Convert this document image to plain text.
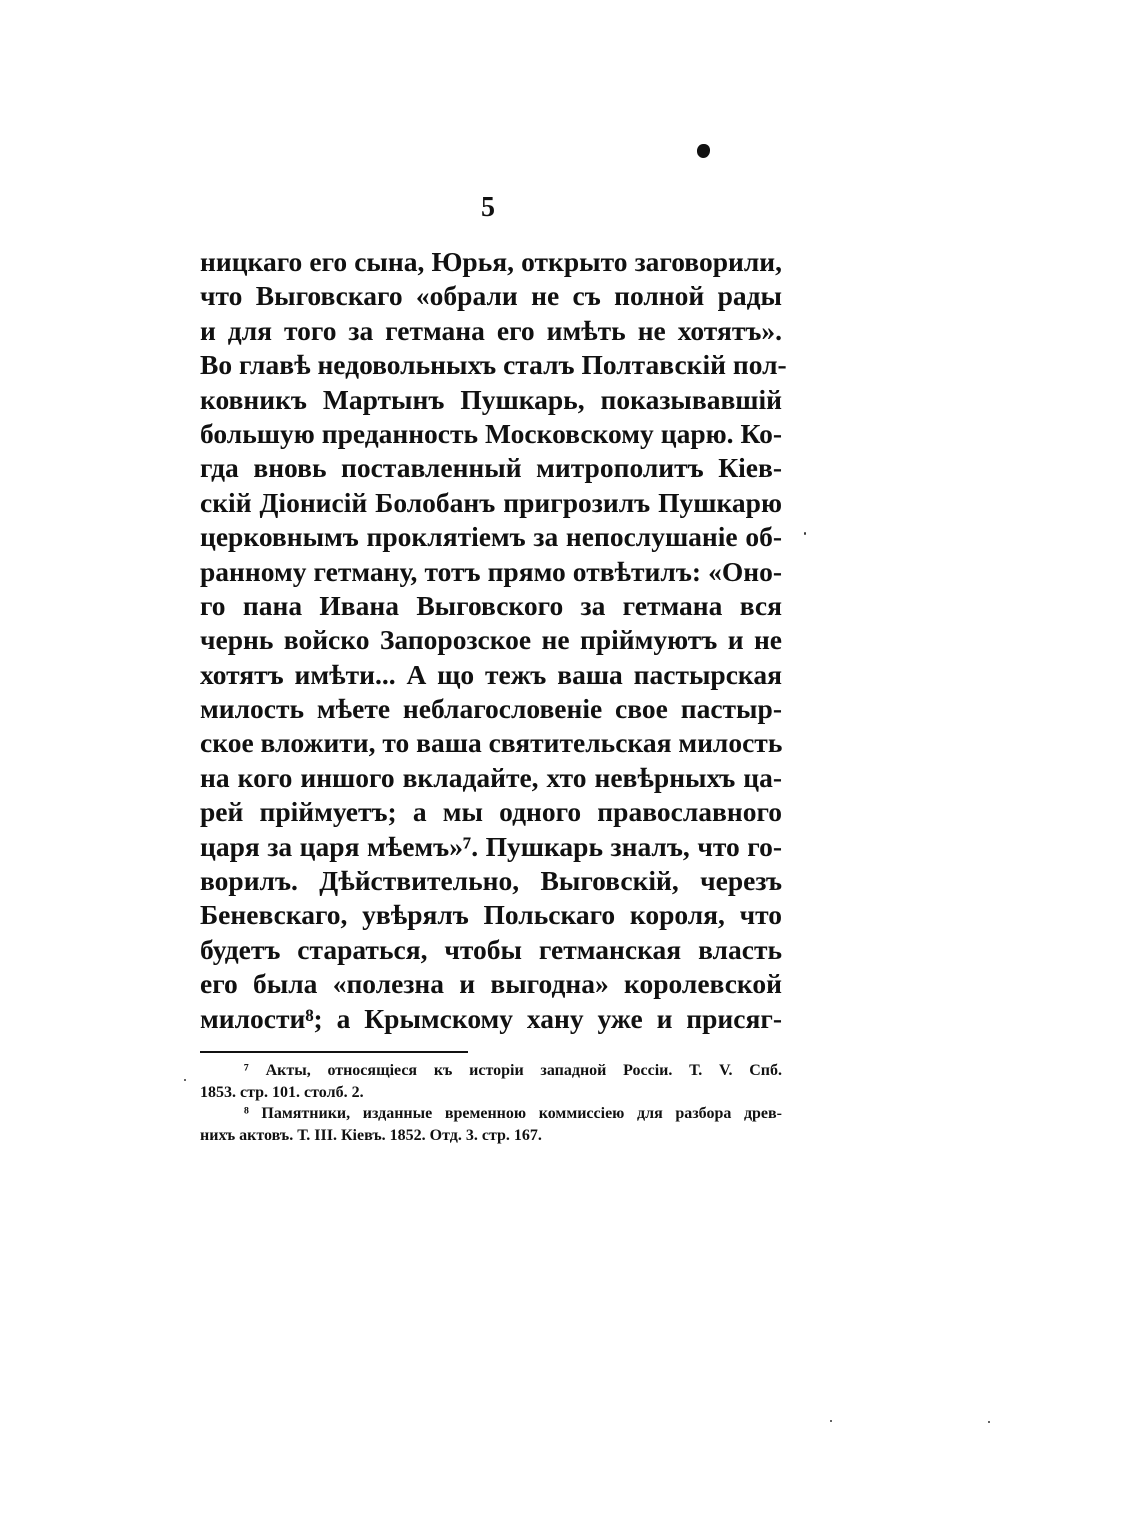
5
ницкаго его сына, Юрья, открыто заговорили,
что Выговскаго «обрали не съ полной рады
и для того за гетмана его имѣть не хотятъ».
Во главѣ недовольныхъ сталъ Полтавскій пол-
ковникъ Мартынъ Пушкарь, показывавшій
большую преданность Московскому царю. Ко-
гда вновь поставленный митрополитъ Кіев-
скій Діонисій Болобанъ пригрозилъ Пушкарю
церковнымъ проклятіемъ за непослушаніе об-
ранному гетману, тотъ прямо отвѣтилъ: «Оно-
го пана Ивана Выговского за гетмана вся
чернь войско Запорозское не пріймуютъ и не
хотятъ имѣти... А що тежъ ваша пастырская
милость мѣете неблагословеніе свое пастыр-
ское вложити, то ваша святительская милость
на кого иншого вкладайте, хто невѣрныхъ ца-
рей пріймуетъ; а мы одного православного
царя за царя мѣемъ»⁷. Пушкарь зналъ, что го-
ворилъ. Дѣйствительно, Выговскій, черезъ
Беневскаго, увѣрялъ Польскаго короля, что
будетъ стараться, чтобы гетманская власть
его была «полезна и выгодна» королевской
милости⁸; а Крымскому хану уже и присяг-
⁷ Акты, относящіеся къ исторіи западной Россіи. Т. V. Спб.
1853. стр. 101. столб. 2.
⁸ Памятники, изданные временною коммиссіею для разбора древ-
нихъ актовъ. Т. III. Кіевъ. 1852. Отд. 3. стр. 167.
